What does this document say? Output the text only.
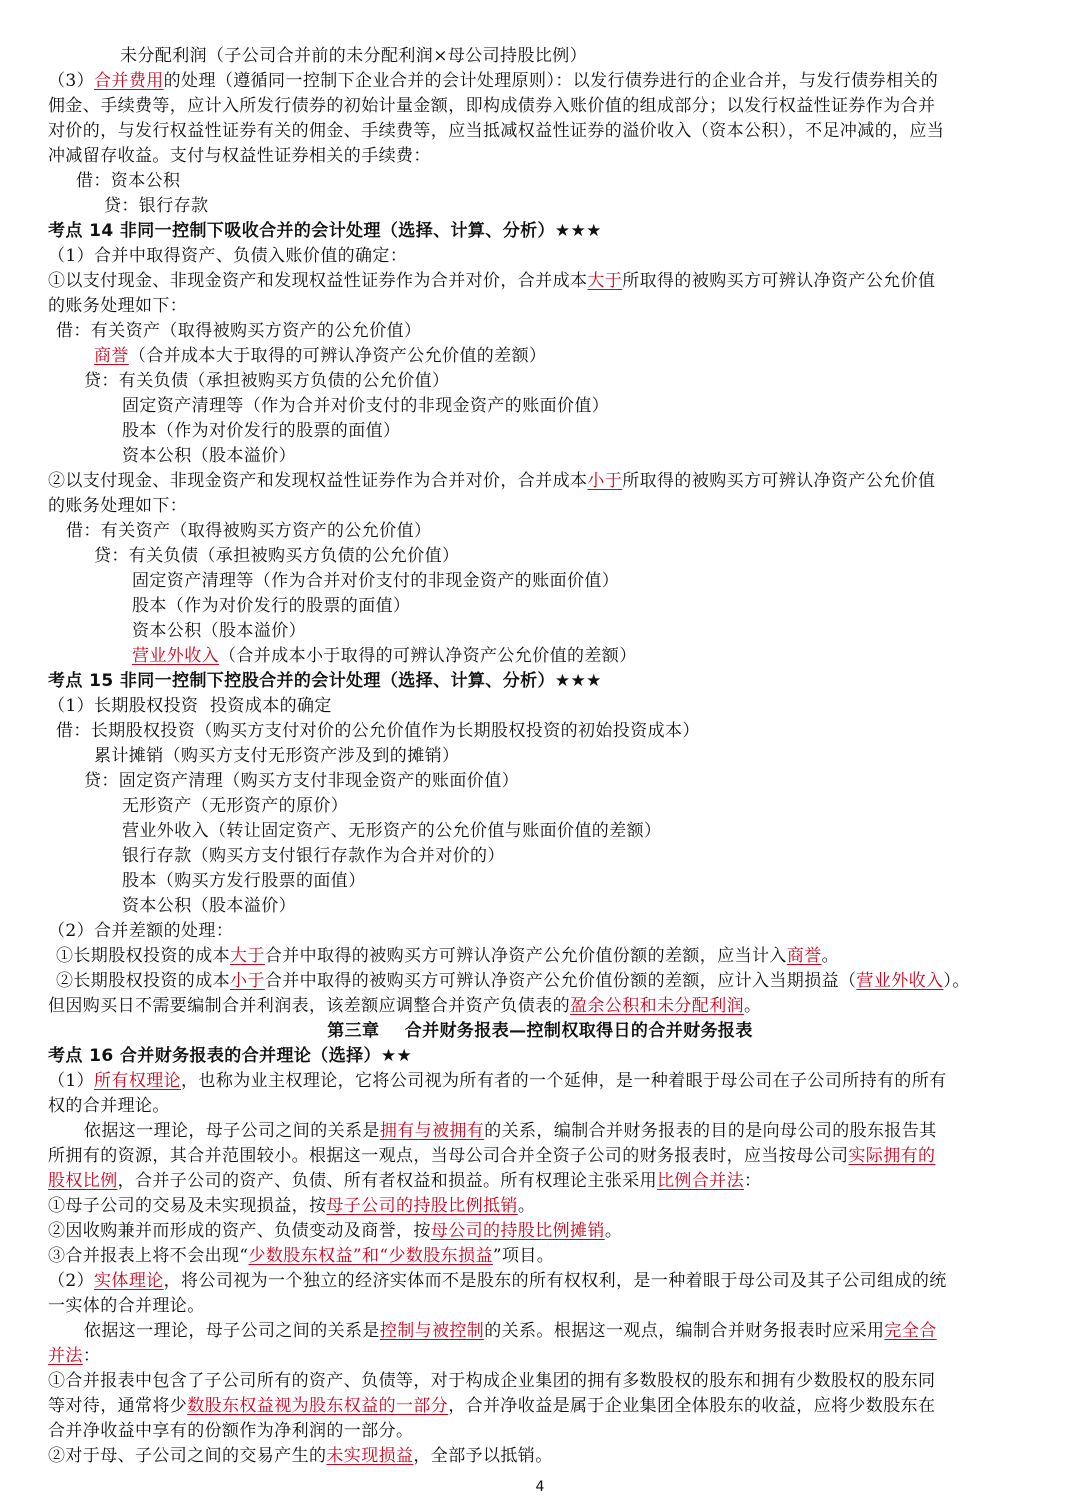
未分配利润（子公司合并前的未分配利润×母公司持股比例）
（3）合并费用的处理（遵循同一控制下企业合并的会计处理原则）：以发行债券进行的企业合并，与发行债券相关的
佣金、手续费等，应计入所发行债券的初始计量金额，即构成债券入账价值的组成部分；以发行权益性证券作为合并
对价的，与发行权益性证券有关的佣金、手续费等，应当抵减权益性证券的溢价收入（资本公积），不足冲减的，应当
冲减留存收益。支付与权益性证券相关的手续费：
借：资本公积
贷：银行存款
考点 14 非同一控制下吸收合并的会计处理（选择、计算、分析）★★★
（1）合并中取得资产、负债入账价值的确定：
①以支付现金、非现金资产和发现权益性证券作为合并对价，合并成本大于所取得的被购买方可辨认净资产公允价值
的账务处理如下：
借：有关资产（取得被购买方资产的公允价值）
商誉（合并成本大于取得的可辨认净资产公允价值的差额）
贷：有关负债（承担被购买方负债的公允价值）
固定资产清理等（作为合并对价支付的非现金资产的账面价值）
股本（作为对价发行的股票的面值）
资本公积（股本溢价）
②以支付现金、非现金资产和发现权益性证券作为合并对价，合并成本小于所取得的被购买方可辨认净资产公允价值
的账务处理如下：
借：有关资产（取得被购买方资产的公允价值）
贷：有关负债（承担被购买方负债的公允价值）
固定资产清理等（作为合并对价支付的非现金资产的账面价值）
股本（作为对价发行的股票的面值）
资本公积（股本溢价）
营业外收入（合并成本小于取得的可辨认净资产公允价值的差额）
考点 15 非同一控制下控股合并的会计处理（选择、计算、分析）★★★
（1）长期股权投资  投资成本的确定
借：长期股权投资（购买方支付对价的公允价值作为长期股权投资的初始投资成本）
累计摊销（购买方支付无形资产涉及到的摊销）
贷：固定资产清理（购买方支付非现金资产的账面价值）
无形资产（无形资产的原价）
营业外收入（转让固定资产、无形资产的公允价值与账面价值的差额）
银行存款（购买方支付银行存款作为合并对价的）
股本（购买方发行股票的面值）
资本公积（股本溢价）
（2）合并差额的处理：
①长期股权投资的成本大于合并中取得的被购买方可辨认净资产公允价值份额的差额，应当计入商誉。
②长期股权投资的成本小于合并中取得的被购买方可辨认净资产公允价值份额的差额，应计入当期损益（营业外收入）。
但因购买日不需要编制合并利润表，该差额应调整合并资产负债表的盈余公积和未分配利润。
第三章    合并财务报表—控制权取得日的合并财务报表
考点 16 合并财务报表的合并理论（选择）★★
（1）所有权理论，也称为业主权理论，它将公司视为所有者的一个延伸，是一种着眼于母公司在子公司所持有的所有
权的合并理论。
依据这一理论，母子公司之间的关系是拥有与被拥有的关系，编制合并财务报表的目的是向母公司的股东报告其
所拥有的资源，其合并范围较小。根据这一观点，当母公司合并全资子公司的财务报表时，应当按母公司实际拥有的
股权比例，合并子公司的资产、负债、所有者权益和损益。所有权理论主张采用比例合并法：
①母子公司的交易及未实现损益，按母子公司的持股比例抵销。
②因收购兼并而形成的资产、负债变动及商誉，按母公司的持股比例摊销。
③合并报表上将不会出现“少数股东权益”和“少数股东损益”项目。
（2）实体理论，将公司视为一个独立的经济实体而不是股东的所有权权利，是一种着眼于母公司及其子公司组成的统
一实体的合并理论。
依据这一理论，母子公司之间的关系是控制与被控制的关系。根据这一观点，编制合并财务报表时应采用完全合
并法：
①合并报表中包含了子公司所有的资产、负债等，对于构成企业集团的拥有多数股权的股东和拥有少数股权的股东同
等对待，通常将少数股东权益视为股东权益的一部分，合并净收益是属于企业集团全体股东的收益，应将少数股东在
合并净收益中享有的份额作为净利润的一部分。
②对于母、子公司之间的交易产生的未实现损益，全部予以抵销。
4
